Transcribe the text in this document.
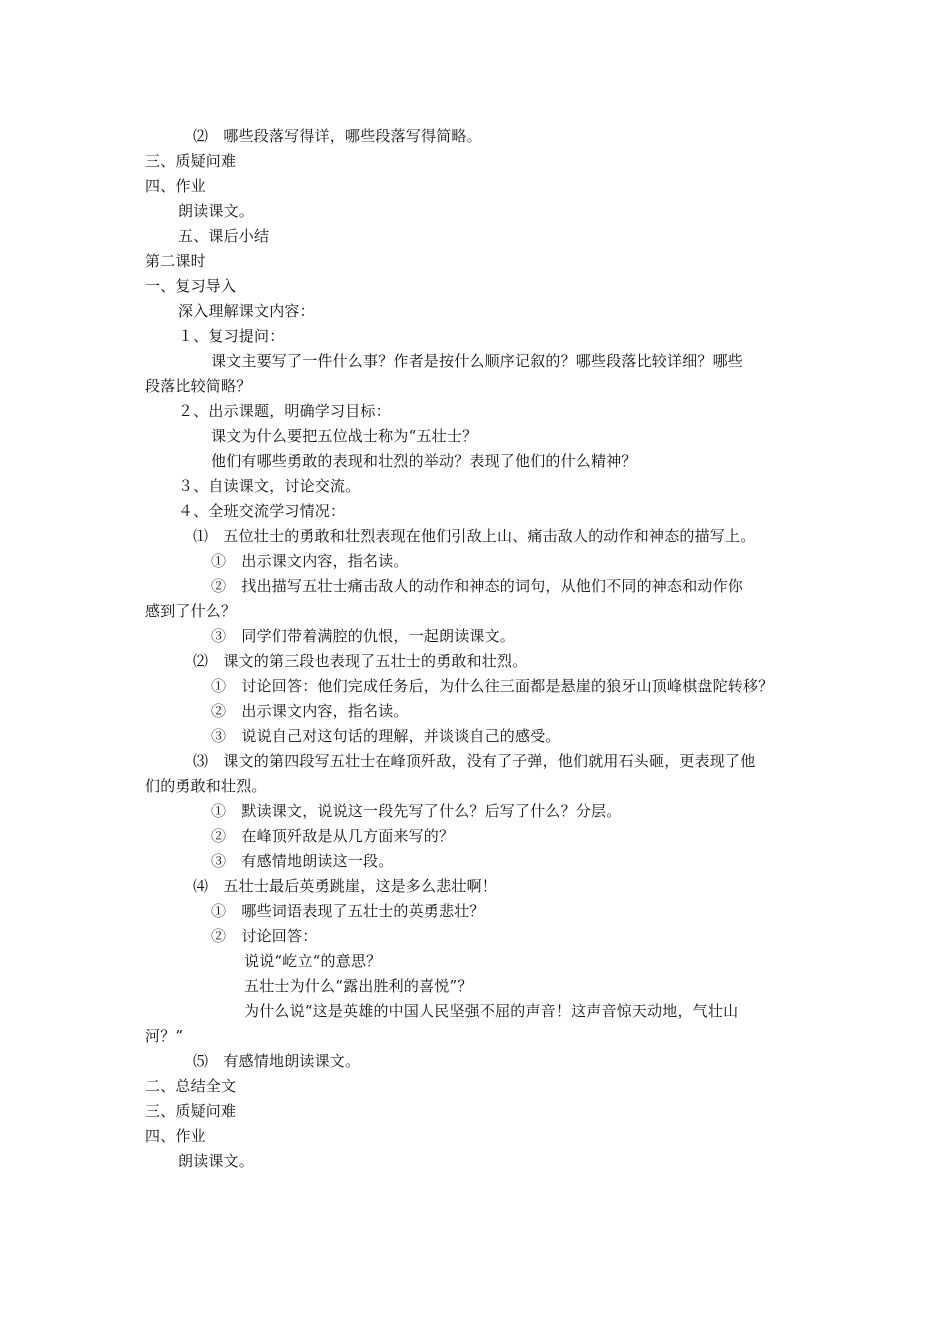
⑵　哪些段落写得详，哪些段落写得简略。
三、质疑问难
四、作业
朗读课文。
五、课后小结
第二课时
一、复习导入
深入理解课文内容：
１、复习提问：
课文主要写了一件什么事？作者是按什么顺序记叙的？哪些段落比较详细？哪些
段落比较简略？
２、出示课题，明确学习目标：
课文为什么要把五位战士称为“五壮士？
他们有哪些勇敢的表现和壮烈的举动？表现了他们的什么精神？
３、自读课文，讨论交流。
４、全班交流学习情况：
⑴　五位壮士的勇敢和壮烈表现在他们引敌上山、痛击敌人的动作和神态的描写上。
①　出示课文内容，指名读。
②　找出描写五壮士痛击敌人的动作和神态的词句，从他们不同的神态和动作你
感到了什么？
③　同学们带着满腔的仇恨，一起朗读课文。
⑵　课文的第三段也表现了五壮士的勇敢和壮烈。
①　讨论回答：他们完成任务后，为什么往三面都是悬崖的狼牙山顶峰棋盘陀转移？
②　出示课文内容，指名读。
③　说说自己对这句话的理解，并谈谈自己的感受。
⑶　课文的第四段写五壮士在峰顶歼敌，没有了子弹，他们就用石头砸，更表现了他
们的勇敢和壮烈。
①　默读课文，说说这一段先写了什么？后写了什么？分层。
②　在峰顶歼敌是从几方面来写的？
③　有感情地朗读这一段。
⑷　五壮士最后英勇跳崖，这是多么悲壮啊！
①　哪些词语表现了五壮士的英勇悲壮？
②　讨论回答：
说说“屹立“的意思？
五壮士为什么“露出胜利的喜悦”？
为什么说“这是英雄的中国人民坚强不屈的声音！这声音惊天动地，气壮山
河？”
⑸　有感情地朗读课文。
二、总结全文
三、质疑问难
四、作业
朗读课文。
